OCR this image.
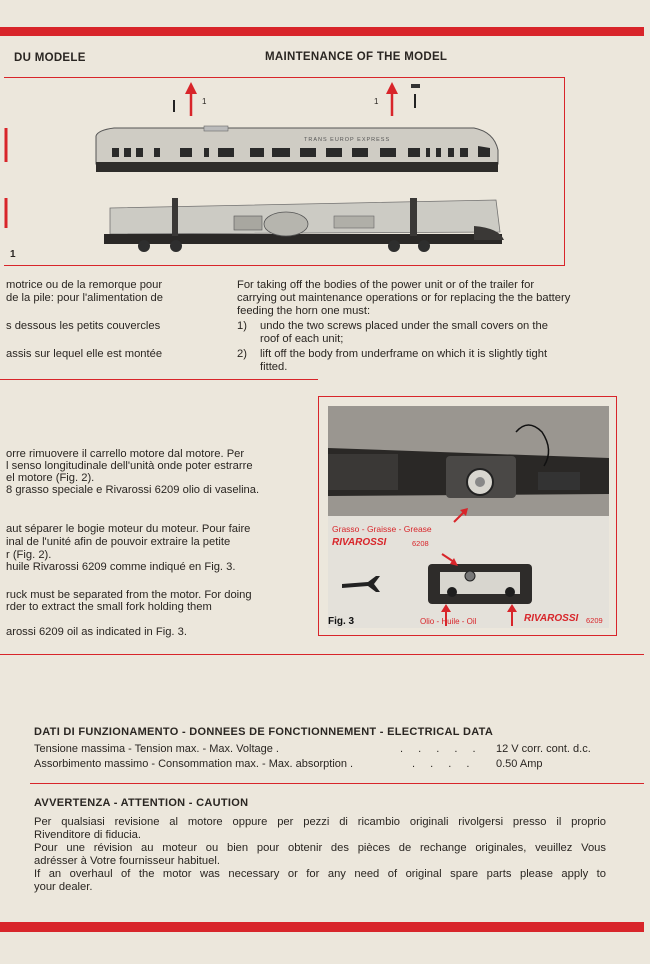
DU MODELE	MAINTENANCE OF THE MODEL
TRANS EUROP EXPRESS
1	1
1
motrice ou de la remorque pour
de la pile: pour l'alimentation de
s dessous les petits couvercles
assis sur lequel elle est montée
For taking off the bodies of the power unit or of the trailer for
carrying out maintenance operations or for replacing the the battery
feeding the horn one must:
1) undo the two screws placed under the small covers on the
roof of each unit;
2) lift off the body from underframe on which it is slightly tight
fitted.
orre rimuovere il carrello motore dal motore. Per
l senso longitudinale dell'unità onde poter estrarre
el motore (Fig. 2).
8 grasso speciale e Rivarossi 6209 olio di vaselina.
aut séparer le bogie moteur du moteur. Pour faire
inal de l'unité afin de pouvoir extraire la petite
r (Fig. 2).
huile Rivarossi 6209 comme indiqué en Fig. 3.
ruck must be separated from the motor. For doing
rder to extract the small fork holding them
arossi 6209 oil as indicated in Fig. 3.
Grasso - Graisse - Grease
RIVAROSSI	6208
Fig. 3	Olio - Huile - Oil	RIVAROSSI 6209
DATI DI FUNZIONAMENTO - DONNEES DE FONCTIONNEMENT - ELECTRICAL DATA
Tensione massima - Tension max. - Max. Voltage .	. . . . . 12 V corr. cont. d.c.
Assorbimento massimo - Consommation max. - Max. absorption .	. . . . 0.50 Amp
AVVERTENZA - ATTENTION - CAUTION
Per qualsiasi revisione al motore oppure per pezzi di ricambio originali rivolgersi presso il proprio
Rivenditore di fiducia.
Pour une révision au moteur ou bien pour obtenir des pièces de rechange originales, veuillez Vous
adrésser à Votre fournisseur habituel.
If an overhaul of the motor was necessary or for any need of original spare parts please apply to
your dealer.
